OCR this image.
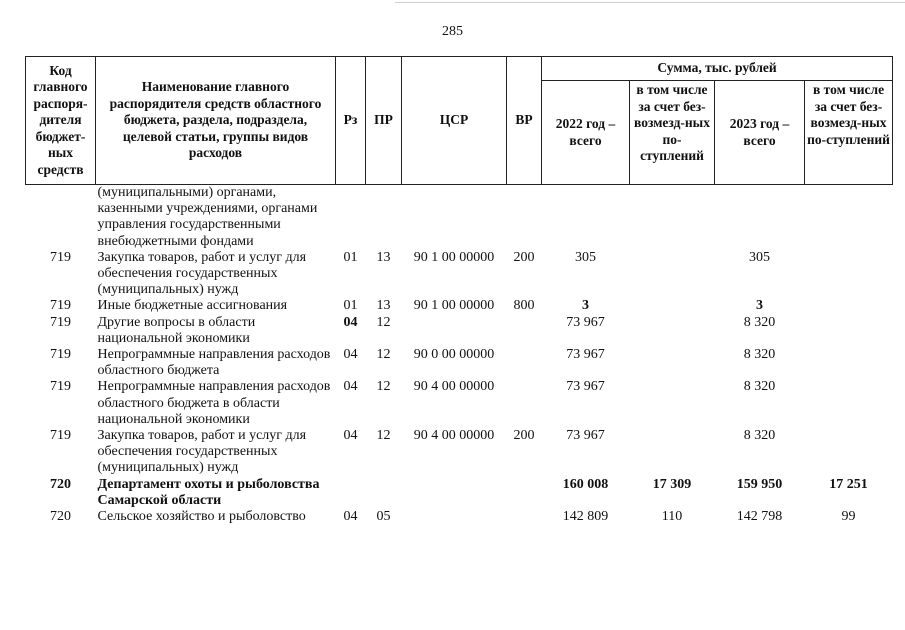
285
Код главного распоря-дителя бюджет-ных средств	Наименование главного распорядителя средств областного бюджета, раздела, подраздела, целевой статьи, группы видов расходов	Рз	ПР	ЦСР	ВР	Сумма, тыс. рублей			
						2022 год – всего	в том числе за счет без-возмезд-ных по-ступлений	2023 год – всего	в том числе за счет без-возмезд-ных по-ступлений
	(муниципальными) органами, казенными учреждениями, органами управления государственными внебюджетными фондами								
719	Закупка товаров, работ и услуг для обеспечения государственных (муниципальных) нужд	01	13	90 1 00 00000	200	305		305	
719	Иные бюджетные ассигнования	01	13	90 1 00 00000	800	3		3	
719	Другие вопросы в области национальной экономики	04	12			73 967		8 320	
719	Непрограммные направления расходов областного бюджета	04	12	90 0 00 00000		73 967		8 320	
719	Непрограммные направления расходов областного бюджета в области национальной экономики	04	12	90 4 00 00000		73 967		8 320	
719	Закупка товаров, работ и услуг для обеспечения государственных (муниципальных) нужд	04	12	90 4 00 00000	200	73 967		8 320	
720	Департамент охоты и рыболовства Самарской области					160 008	17 309	159 950	17 251
720	Сельское хозяйство и рыболовство	04	05			142 809	110	142 798	99
